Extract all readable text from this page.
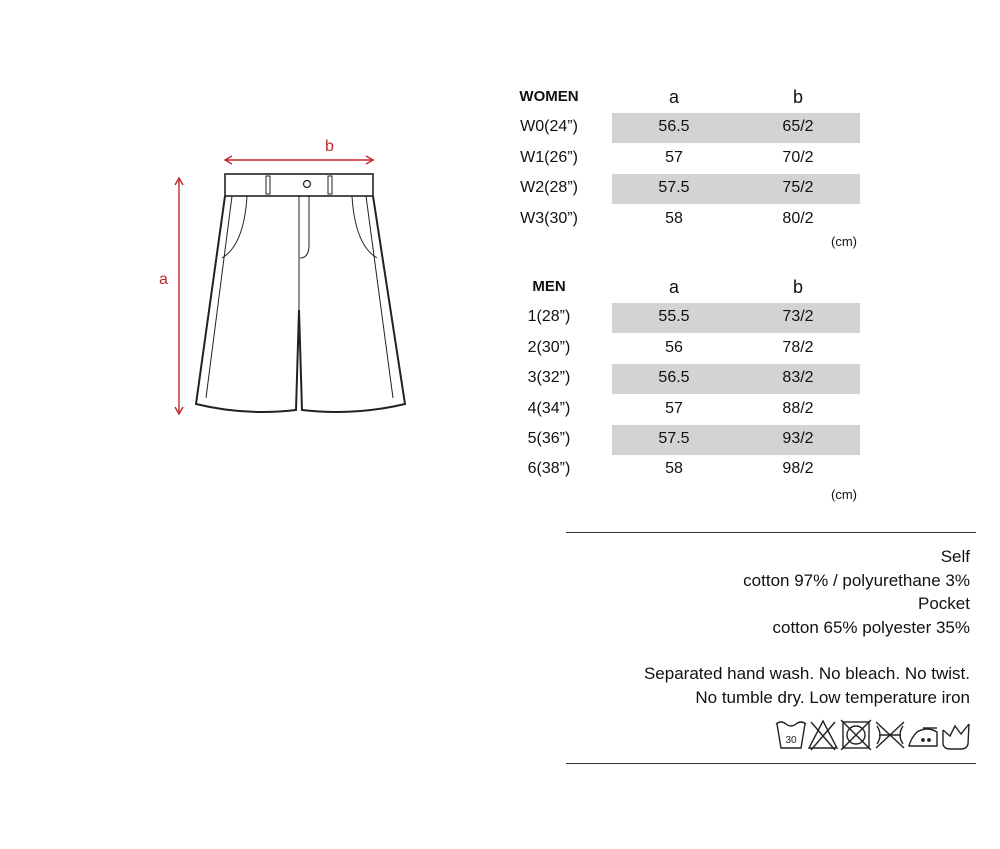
b
a
WOMEN	a	b
W0(24”)	56.5	65/2
W1(26”)	57	70/2
W2(28”)	57.5	75/2
W3(30”)	58	80/2
(cm)
MEN	a	b
1(28”)	55.5	73/2
2(30”)	56	78/2
3(32”)	56.5	83/2
4(34”)	57	88/2
5(36”)	57.5	93/2
6(38”)	58	98/2
(cm)
Self
cotton 97% / polyurethane 3%
Pocket
cotton 65% polyester 35%
Separated hand wash. No bleach. No twist.
No tumble dry. Low temperature iron
30
